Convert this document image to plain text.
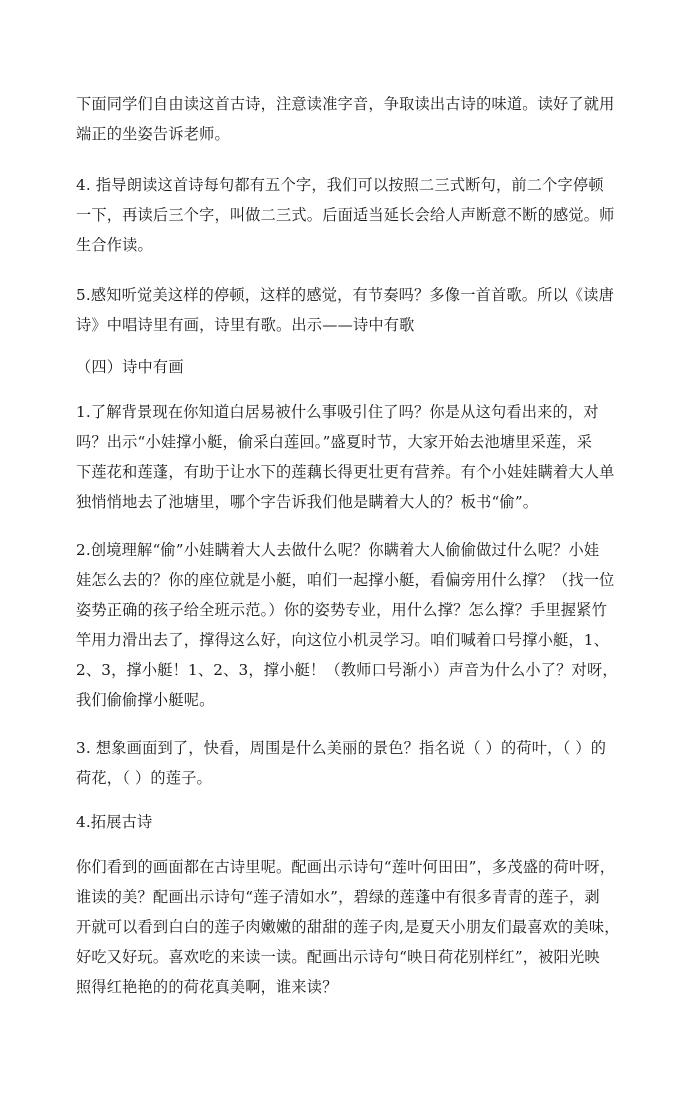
下面同学们自由读这首古诗，注意读准字音，争取读出古诗的味道。读好了就用
端正的坐姿告诉老师。
4. 指导朗读这首诗每句都有五个字，我们可以按照二三式断句，前二个字停顿
一下，再读后三个字，叫做二三式。后面适当延长会给人声断意不断的感觉。师
生合作读。
5.感知听觉美这样的停顿，这样的感觉，有节奏吗？多像一首首歌。所以《读唐
诗》中唱诗里有画，诗里有歌。出示——诗中有歌
（四）诗中有画
1.了解背景现在你知道白居易被什么事吸引住了吗？你是从这句看出来的，对
吗？出示“小娃撑小艇，偷采白莲回。”盛夏时节，大家开始去池塘里采莲，采
下莲花和莲蓬，有助于让水下的莲藕长得更壮更有营养。有个小娃娃瞒着大人单
独悄悄地去了池塘里，哪个字告诉我们他是瞒着大人的？板书“偷”。
2.创境理解“偷”小娃瞒着大人去做什么呢？你瞒着大人偷偷做过什么呢？小娃
娃怎么去的？你的座位就是小艇，咱们一起撑小艇，看偏旁用什么撑？（找一位
姿势正确的孩子给全班示范。）你的姿势专业，用什么撑？怎么撑？手里握紧竹
竿用力滑出去了，撑得这么好，向这位小机灵学习。咱们喊着口号撑小艇，1、
2、3，撑小艇！1、2、3，撑小艇！（教师口号渐小）声音为什么小了？对呀，
我们偷偷撑小艇呢。
3. 想象画面到了，快看，周围是什么美丽的景色？指名说（ ）的荷叶，（ ）的
荷花，（ ）的莲子。
4.拓展古诗
你们看到的画面都在古诗里呢。配画出示诗句“莲叶何田田”，多茂盛的荷叶呀，
谁读的美？配画出示诗句“莲子清如水”，碧绿的莲蓬中有很多青青的莲子，剥
开就可以看到白白的莲子肉嫩嫩的甜甜的莲子肉,是夏天小朋友们最喜欢的美味，
好吃又好玩。喜欢吃的来读一读。配画出示诗句“映日荷花别样红”，被阳光映
照得红艳艳的的荷花真美啊，谁来读？
